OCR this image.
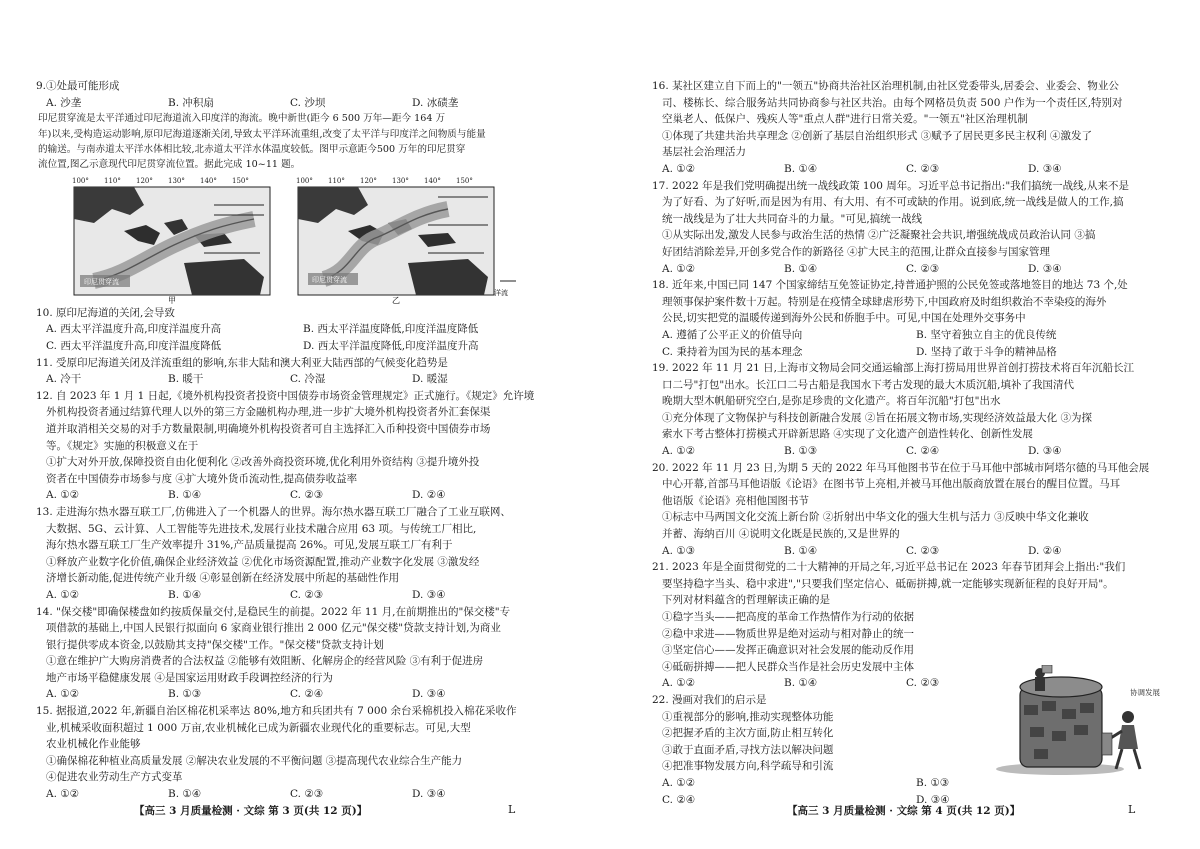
9.①处最可能形成
A. 沙垄	B. 冲积扇	C. 沙坝	D. 冰碛垄
印尼贯穿流是太平洋通过印尼海道流入印度洋的海流。晚中新世(距今 6 500 万年—距今 164 万
年)以来,受构造运动影响,原印尼海道逐渐关闭,导致太平洋环流重组,改变了太平洋与印度洋之间物质与能量
的输送。与南赤道太平洋水体相比较,北赤道太平洋水体温度较低。图甲示意距今500 万年的印尼贯穿
流位置,图乙示意现代印尼贯穿流位置。据此完成 10~11 题。
100° 110° 120° 130° 140° 150°
印尼贯穿流
甲
100° 110° 120° 130° 140° 150°
印尼贯穿流
洋流
乙
10. 原印尼海道的关闭,会导致
A. 西太平洋温度升高,印度洋温度升高	B. 西太平洋温度降低,印度洋温度降低
C. 西太平洋温度升高,印度洋温度降低	D. 西太平洋温度降低,印度洋温度升高
11. 受原印尼海道关闭及洋流重组的影响,东非大陆和澳大利亚大陆西部的气候变化趋势是
A. 冷干	B. 暖干	C. 冷湿	D. 暖湿
12. 自 2023 年 1 月 1 日起,《境外机构投资者投资中国债券市场资金管理规定》正式施行。《规定》允许境
外机构投资者通过结算代理人以外的第三方金融机构办理,进一步扩大境外机构投资者外汇套保渠
道并取消相关交易的对手方数量限制,明确境外机构投资者可自主选择汇入币种投资中国债券市场
等。《规定》实施的积极意义在于
①扩大对外开放,保障投资自由化便利化 ②改善外商投资环境,优化利用外资结构 ③提升境外投
资者在中国债券市场参与度 ④扩大境外货币流动性,提高债券收益率
A. ①②	B. ①④	C. ②③	D. ②④
13. 走进海尔热水器互联工厂,仿佛进入了一个机器人的世界。海尔热水器互联工厂融合了工业互联网、
大数据、5G、云计算、人工智能等先进技术,发展行业技术融合应用 63 项。与传统工厂相比,
海尔热水器互联工厂生产效率提升 31%,产品质量提高 26%。可见,发展互联工厂有利于
①释放产业数字化价值,确保企业经济效益 ②优化市场资源配置,推动产业数字化发展 ③激发经
济增长新动能,促进传统产业升级 ④彰显创新在经济发展中所起的基础性作用
A. ①②	B. ①④	C. ②③	D. ③④
14. "保交楼"即确保楼盘如约按质保量交付,是稳民生的前提。2022 年 11 月,在前期推出的"保交楼"专
项借款的基础上,中国人民银行拟面向 6 家商业银行推出 2 000 亿元"保交楼"贷款支持计划,为商业
银行提供零成本资金,以鼓励其支持"保交楼"工作。"保交楼"贷款支持计划
①意在维护广大购房消费者的合法权益 ②能够有效阻断、化解房企的经营风险 ③有利于促进房
地产市场平稳健康发展 ④是国家运用财政手段调控经济的行为
A. ①②	B. ①③	C. ②④	D. ③④
15. 据报道,2022 年,新疆自治区棉花机采率达 80%,地方和兵团共有 7 000 余台采棉机投入棉花采收作
业,机械采收面积超过 1 000 万亩,农业机械化已成为新疆农业现代化的重要标志。可见,大型
农业机械化作业能够
①确保棉花种植业高质量发展 ②解决农业发展的不平衡问题 ③提高现代农业综合生产能力
④促进农业劳动生产方式变革
A. ①②	B. ①④	C. ②③	D. ③④
【高三 3 月质量检测 · 文综 第 3 页(共 12 页)】	L
16. 某社区建立自下而上的"一领五"协商共治社区治理机制,由社区党委带头,居委会、业委会、物业公
司、楼栋长、综合服务站共同协商参与社区共治。由每个网格员负责 500 户作为一个责任区,特别对
空巢老人、低保户、残疾人等"重点人群"进行日常关爱。"一领五"社区治理机制
①体现了共建共治共享理念 ②创新了基层自治组织形式 ③赋予了居民更多民主权利 ④激发了
基层社会治理活力
A. ①②	B. ①④	C. ②③	D. ③④
17. 2022 年是我们党明确提出统一战线政策 100 周年。习近平总书记指出:"我们搞统一战线,从来不是
为了好看、为了好听,而是因为有用、有大用、有不可或缺的作用。说到底,统一战线是做人的工作,搞
统一战线是为了壮大共同奋斗的力量。"可见,搞统一战线
①从实际出发,激发人民参与政治生活的热情 ②广泛凝聚社会共识,增强统战成员政治认同 ③搞
好团结消除差异,开创多党合作的新路径 ④扩大民主的范围,让群众直接参与国家管理
A. ①②	B. ①④	C. ②③	D. ③④
18. 近年来,中国已同 147 个国家缔结互免签证协定,持普通护照的公民免签或落地签目的地达 73 个,处
理领事保护案件数十万起。特别是在疫情全球肆虐形势下,中国政府及时组织救治不幸染疫的海外
公民,切实把党的温暖传递到海外公民和侨胞手中。可见,中国在处理外交事务中
A. 遵循了公平正义的价值导向	B. 坚守着独立自主的优良传统
C. 秉持着为国为民的基本理念	D. 坚持了敢于斗争的精神品格
19. 2022 年 11 月 21 日,上海市文物局会同交通运输部上海打捞局用世界首创打捞技术将百年沉船长江
口二号"打包"出水。长江口二号古船是我国水下考古发现的最大木质沉船,填补了我国清代
晚期大型木帆船研究空白,是弥足珍贵的文化遗产。将百年沉船"打包"出水
①充分体现了文物保护与科技创新融合发展 ②旨在拓展文物市场,实现经济效益最大化 ③为探
索水下考古整体打捞模式开辟新思路 ④实现了文化遗产创造性转化、创新性发展
A. ①②	B. ①③	C. ②④	D. ③④
20. 2022 年 11 月 23 日,为期 5 天的 2022 年马耳他图书节在位于马耳他中部城市阿塔尔德的马耳他会展
中心开幕,首部马耳他语版《论语》在图书节上亮相,并被马耳他出版商放置在展台的醒目位置。马耳
他语版《论语》亮相他国图书节
①标志中马两国文化交流上新台阶 ②折射出中华文化的强大生机与活力 ③反映中华文化兼收
并蓄、海纳百川 ④说明文化既是民族的,又是世界的
A. ①③	B. ①④	C. ②③	D. ②④
21. 2023 年是全面贯彻党的二十大精神的开局之年,习近平总书记在 2023 年春节团拜会上指出:"我们
要坚持稳字当头、稳中求进","只要我们坚定信心、砥砺拼搏,就一定能够实现新征程的良好开局"。
下列对材料蕴含的哲理解读正确的是
①稳字当头——把高度的革命工作热情作为行动的依据
②稳中求进——物质世界是绝对运动与相对静止的统一
③坚定信心——发挥正确意识对社会发展的能动反作用
④砥砺拼搏——把人民群众当作是社会历史发展中主体
A. ①②	B. ①④	C. ②③
22. 漫画对我们的启示是
①重视部分的影响,推动实现整体功能
②把握矛盾的主次方面,防止相互转化
③敢于直面矛盾,寻找方法以解决问题
④把准事物发展方向,科学疏导和引流
A. ①②	B. ①③
C. ②④	D. ③④
协调发展
【高三 3 月质量检测 · 文综 第 4 页(共 12 页)】	L
